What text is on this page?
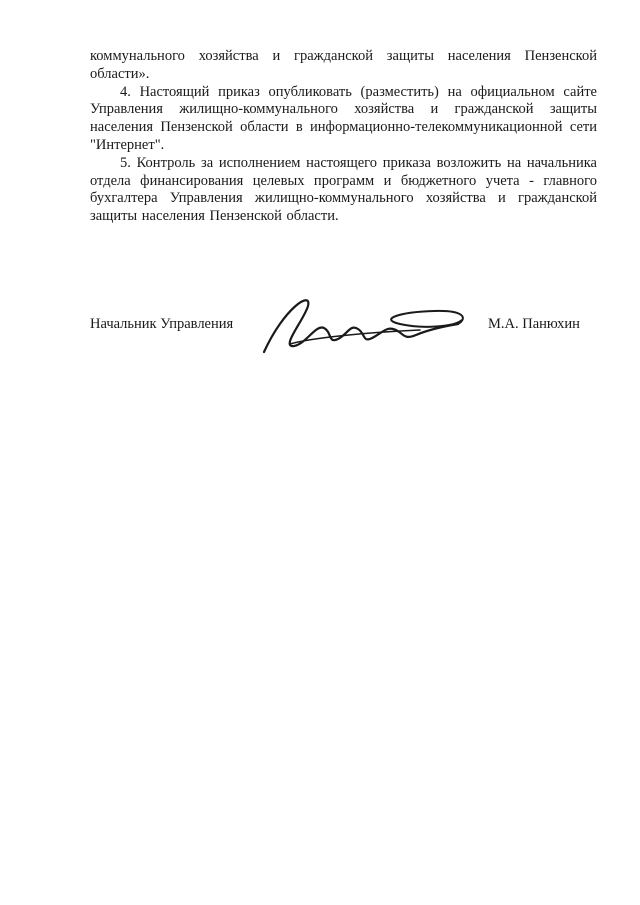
коммунального хозяйства и гражданской защиты населения Пензенской области».

4. Настоящий приказ опубликовать (разместить) на официальном сайте Управления жилищно-коммунального хозяйства и гражданской защиты населения Пензенской области в информационно-телекоммуникационной сети "Интернет".

5. Контроль за исполнением настоящего приказа возложить на начальника отдела финансирования целевых программ и бюджетного учета - главного бухгалтера Управления жилищно-коммунального хозяйства и гражданской защиты населения Пензенской области.

Начальник Управления	М.А. Панюхин
